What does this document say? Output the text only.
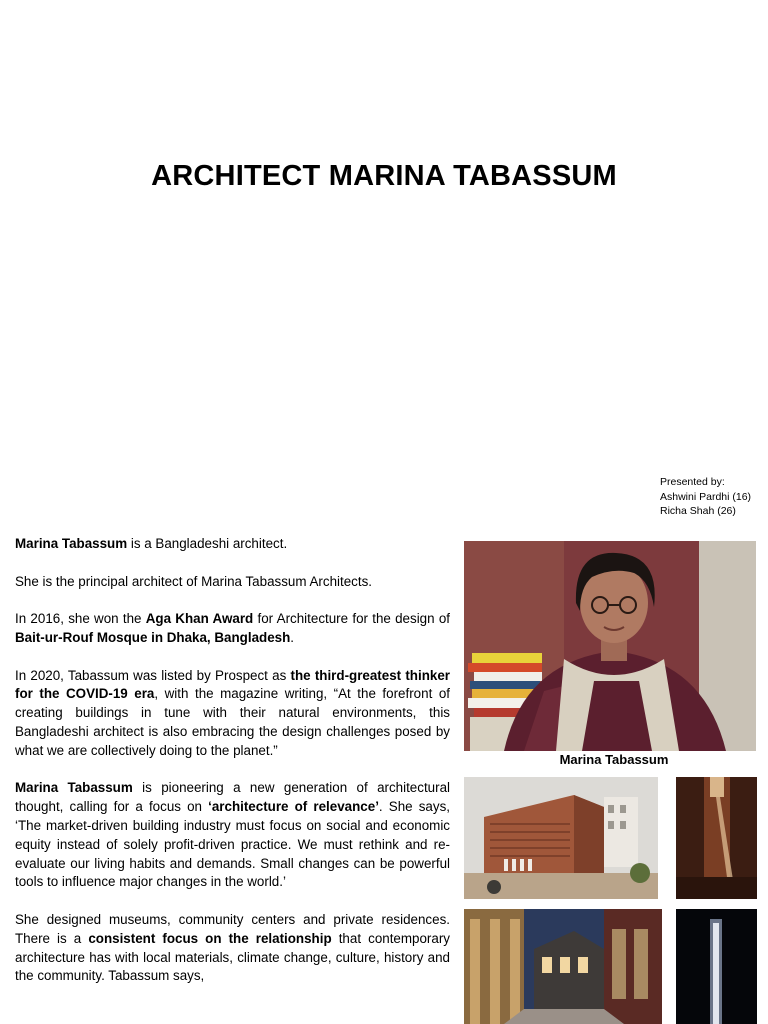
ARCHITECT MARINA TABASSUM
Presented by:
Ashwini Pardhi (16)
Richa Shah (26)

Marina Tabassum is a Bangladeshi architect.

She is the principal architect of Marina Tabassum Architects.

In 2016, she won the Aga Khan Award for Architecture for the design of Bait-ur-Rouf Mosque in Dhaka, Bangladesh.

In 2020, Tabassum was listed by Prospect as the third-greatest thinker for the COVID-19 era, with the magazine writing, “At the forefront of creating buildings in tune with their natural environments, this Bangladeshi architect is also embracing the design challenges posed by what we are collectively doing to the planet.”

Marina Tabassum is pioneering a new generation of architectural thought, calling for a focus on ‘architecture of relevance’. She says, ‘The market-driven building industry must focus on social and economic equity instead of solely profit-driven practice. We must rethink and re-evaluate our living habits and demands. Small changes can be powerful tools to influence major changes in the world.’

She designed museums, community centers and private residences. There is a consistent focus on the relationship that contemporary architecture has with local materials, climate change, culture, history and the community. Tabassum says,

Marina Tabassum
